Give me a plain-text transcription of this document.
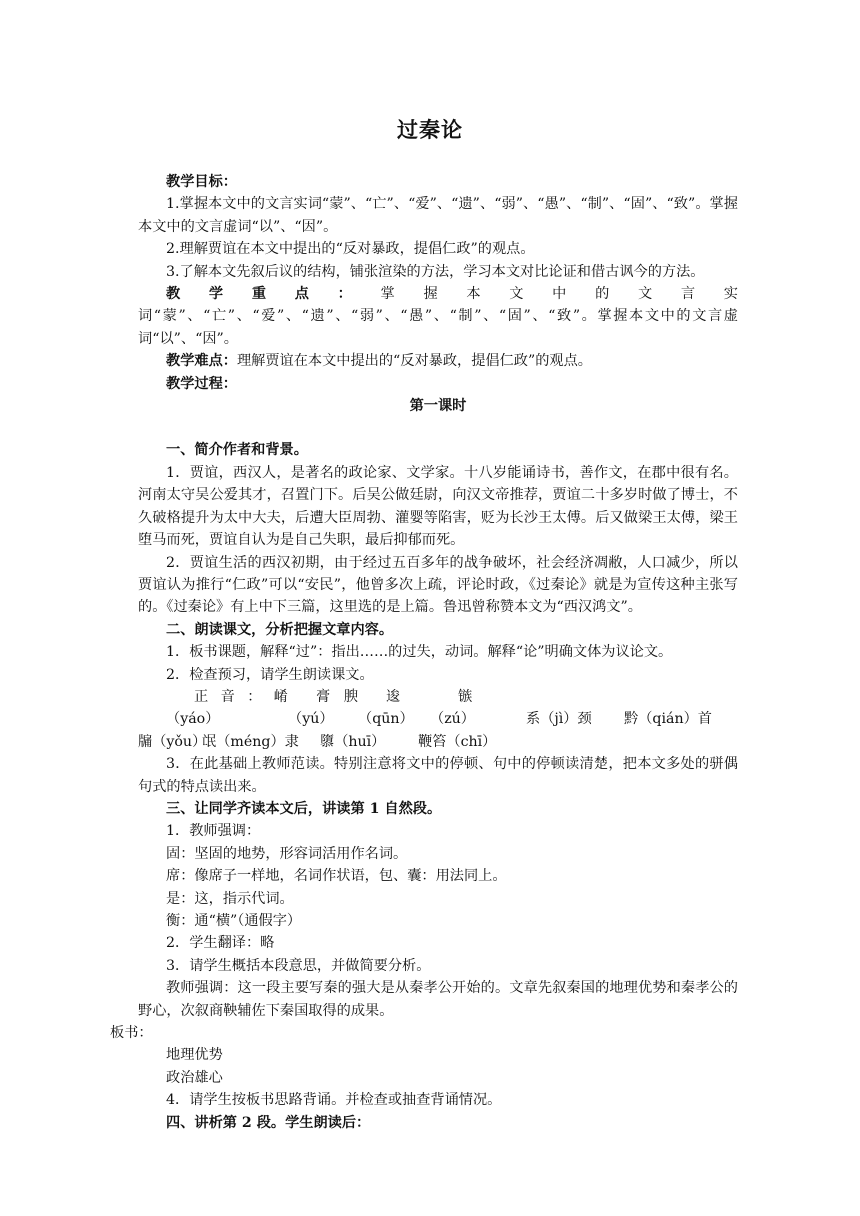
过秦论

教学目标：

1.掌握本文中的文言实词“蒙”、“亡”、“爱”、“遗”、“弱”、“愚”、“制”、“固”、“致”。掌握本文中的文言虚词“以”、“因”。

2.理解贾谊在本文中提出的“反对暴政，提倡仁政”的观点。

3.了解本文先叙后议的结构，铺张渲染的方法，学习本文对比论证和借古讽今的方法。

教学重点：掌握本文中的文言实词“蒙”、“亡”、“爱”、“遗”、“弱”、“愚”、“制”、“固”、“致”。掌握本文中的文言虚词“以”、“因”。

教学难点：理解贾谊在本文中提出的“反对暴政，提倡仁政”的观点。

教学过程：

第一课时

一、简介作者和背景。

1．贾谊，西汉人，是著名的政论家、文学家。十八岁能诵诗书，善作文，在郡中很有名。河南太守吴公爱其才，召置门下。后吴公做廷尉，向汉文帝推荐，贾谊二十多岁时做了博士，不久破格提升为太中大夫，后遭大臣周勃、灌婴等陷害，贬为长沙王太傅。后又做梁王太傅，梁王堕马而死，贾谊自认为是自己失职，最后抑郁而死。

2．贾谊生活的西汉初期，由于经过五百多年的战争破坏，社会经济凋敝，人口减少，所以贾谊认为推行“仁政”可以“安民”，他曾多次上疏，评论时政，《过秦论》就是为宣传这种主张写的。《过秦论》有上中下三篇，这里选的是上篇。鲁迅曾称赞本文为“西汉鸿文”。

二、朗读课文，分析把握文章内容。

1．板书课题，解释“过”：指出……的过失，动词。解释“论”明确文体为议论文。

2．检查预习，请学生朗读课文。

正音：崤（yáo）膏腴（yú）逡（qūn）镞（zú）	系（jì）颈 黔（qián）首

牖（yǒu）氓（méng）隶 隳（huī） 鞭笞（chī）

3．在此基础上教师范读。特别注意将文中的停顿、句中的停顿读清楚，把本文多处的骈偶句式的特点读出来。

三、让同学齐读本文后，讲读第 1 自然段。

1．教师强调：

固：坚固的地势，形容词活用作名词。

席：像席子一样地，名词作状语，包、囊：用法同上。

是：这，指示代词。

衡：通“横”（通假字）

2．学生翻译：略

3．请学生概括本段意思，并做简要分析。

教师强调：这一段主要写秦的强大是从秦孝公开始的。文章先叙秦国的地理优势和秦孝公的野心，次叙商鞅辅佐下秦国取得的成果。

板书：

地理优势

政治雄心

4．请学生按板书思路背诵。并检查或抽查背诵情况。

四、讲析第 2 段。学生朗读后：
